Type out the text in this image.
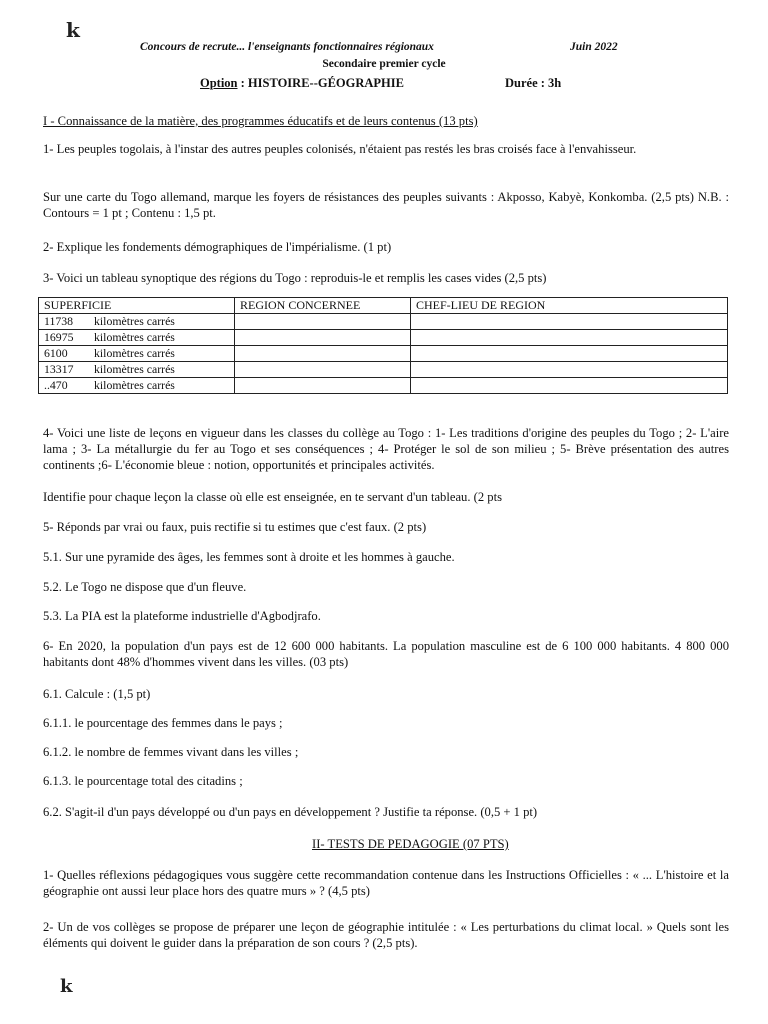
k
Concours de recrute... l'enseignants fonctionnaires régionaux	Juin 2022
Secondaire premier cycle
Option : HISTOIRE--GÉOGRAPHIE	Durée : 3h

I - Connaissance de la matière, des programmes éducatifs et de leurs contenus (13 pts)

1- Les peuples togolais, à l'instar des autres peuples colonisés, n'étaient pas restés les bras croisés face à l'envahisseur.

Sur une carte du Togo allemand, marque les foyers de résistances des peuples suivants : Akposso, Kabyè, Konkomba. (2,5 pts) N.B. : Contours = 1 pt ; Contenu : 1,5 pt.

2- Explique les fondements démographiques de l'impérialisme. (1 pt)

3- Voici un tableau synoptique des régions du Togo : reproduis-le et remplis les cases vides (2,5 pts)

SUPERFICIE	REGION CONCERNEE	CHEF-LIEU DE REGION
11738 kilomètres carrés		
16975 kilomètres carrés		
6100 kilomètres carrés		
13317 kilomètres carrés		
..470 kilomètres carrés		

4- Voici une liste de leçons en vigueur dans les classes du collège au Togo : 1- Les traditions d'origine des peuples du Togo ; 2- L'aire lama ; 3- La métallurgie du fer au Togo et ses conséquences ; 4- Protéger le sol de son milieu ; 5- Brève présentation des autres continents ;6- L'économie bleue : notion, opportunités et principales activités.

Identifie pour chaque leçon la classe où elle est enseignée, en te servant d'un tableau. (2 pts

5- Réponds par vrai ou faux, puis rectifie si tu estimes que c'est faux. (2 pts)

5.1. Sur une pyramide des âges, les femmes sont à droite et les hommes à gauche.

5.2. Le Togo ne dispose que d'un fleuve.

5.3. La PIA est la plateforme industrielle d'Agbodjrafo.

6- En 2020, la population d'un pays est de 12 600 000 habitants. La population masculine est de 6 100 000 habitants. 4 800 000 habitants dont 48% d'hommes vivent dans les villes. (03 pts)

6.1. Calcule : (1,5 pt)

6.1.1. le pourcentage des femmes dans le pays ;

6.1.2. le nombre de femmes vivant dans les villes ;

6.1.3. le pourcentage total des citadins ;

6.2. S'agit-il d'un pays développé ou d'un pays en développement ? Justifie ta réponse. (0,5 + 1 pt)

II- TESTS DE PEDAGOGIE (07 PTS)

1- Quelles réflexions pédagogiques vous suggère cette recommandation contenue dans les Instructions Officielles : « ... L'histoire et la géographie ont aussi leur place hors des quatre murs » ? (4,5 pts)

2- Un de vos collèges se propose de préparer une leçon de géographie intitulée : « Les perturbations du climat local. » Quels sont les éléments qui doivent le guider dans la préparation de son cours ? (2,5 pts).

k
